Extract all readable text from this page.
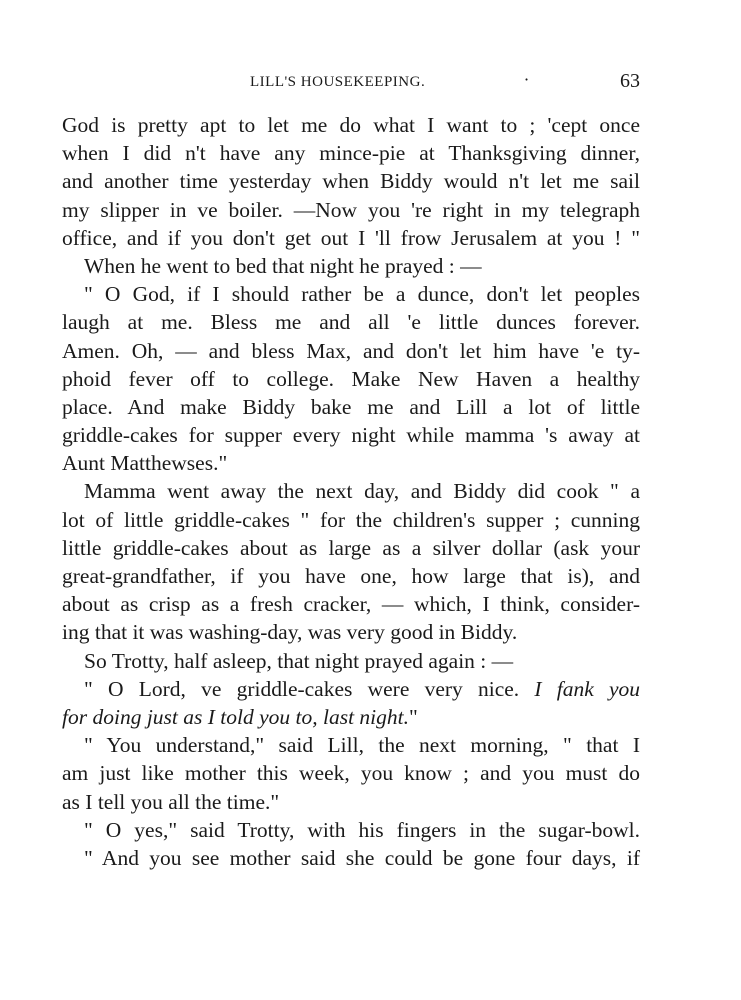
LILL'S HOUSEKEEPING.	·	63
God is pretty apt to let me do what I want to ; 'cept once
when I did n't have any mince-pie at Thanksgiving dinner,
and another time yesterday when Biddy would n't let me sail
my slipper in ve boiler. —Now you 're right in my telegraph
office, and if you don't get out I 'll frow Jerusalem at you ! "
When he went to bed that night he prayed : —
" O God, if I should rather be a dunce, don't let peoples
laugh at me. Bless me and all 'e little dunces forever.
Amen. Oh, — and bless Max, and don't let him have 'e ty-
phoid fever off to college. Make New Haven a healthy
place. And make Biddy bake me and Lill a lot of little
griddle-cakes for supper every night while mamma 's away at
Aunt Matthewses."
Mamma went away the next day, and Biddy did cook " a
lot of little griddle-cakes " for the children's supper ; cunning
little griddle-cakes about as large as a silver dollar (ask your
great-grandfather, if you have one, how large that is), and
about as crisp as a fresh cracker, — which, I think, consider-
ing that it was washing-day, was very good in Biddy.
So Trotty, half asleep, that night prayed again : —
" O Lord, ve griddle-cakes were very nice. I fank you
for doing just as I told you to, last night."
" You understand," said Lill, the next morning, " that I
am just like mother this week, you know ; and you must do
as I tell you all the time."
" O yes," said Trotty, with his fingers in the sugar-bowl.
" And you see mother said she could be gone four days, if
